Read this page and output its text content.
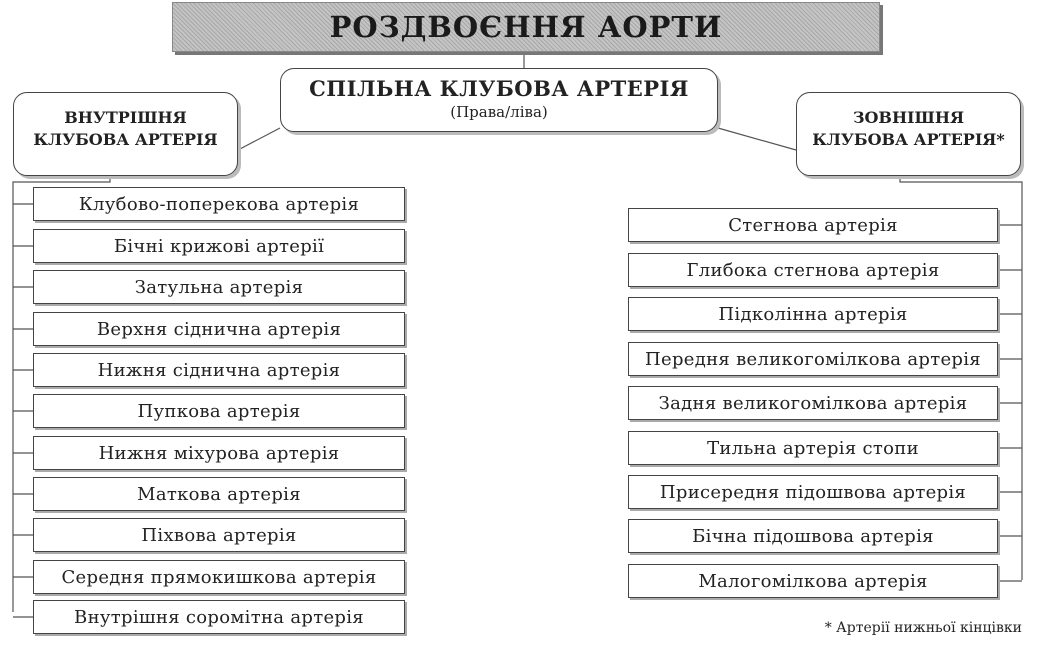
РОЗДВОЄННЯ АОРТИ
СПІЛЬНА КЛУБОВА АРТЕРІЯ
(Права/ліва)
ВНУТРІШНЯ
КЛУБОВА АРТЕРІЯ
ЗОВНІШНЯ
КЛУБОВА АРТЕРІЯ*
Клубово-поперекова артерія
Бічні крижові артерії
Затульна артерія
Верхня сіднична артерія
Нижня сіднична артерія
Пупкова артерія
Нижня міхурова артерія
Маткова артерія
Піхвова артерія
Середня прямокишкова артерія
Внутрішня соромітна артерія
Стегнова артерія
Глибока стегнова артерія
Підколінна артерія
Передня великогомілкова артерія
Задня великогомілкова артерія
Тильна артерія стопи
Присередня підошвова артерія
Бічна підошвова артерія
Малогомілкова артерія
* Артерії нижньої кінцівки
